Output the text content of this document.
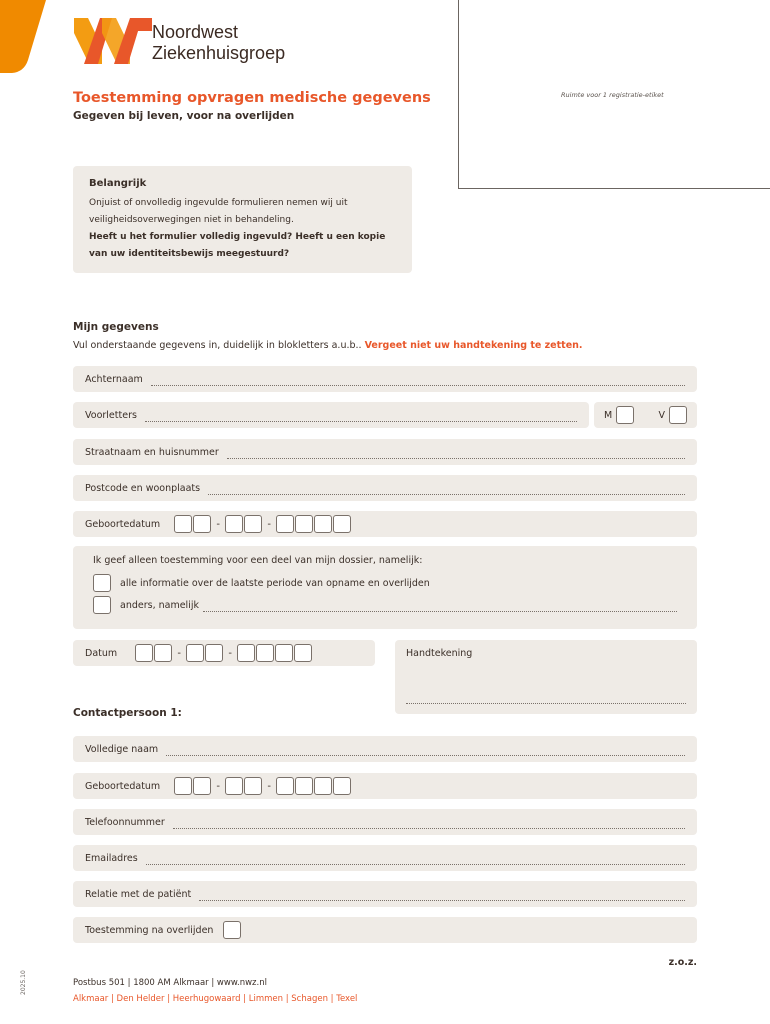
Noordwest
Ziekenhuisgroep
Ruimte voor 1 registratie-etiket
Toestemming opvragen medische gegevens
Gegeven bij leven, voor na overlijden
Belangrijk
Onjuist of onvolledig ingevulde formulieren nemen wij uit
veiligheidsoverwegingen niet in behandeling.
Heeft u het formulier volledig ingevuld? Heeft u een kopie
van uw identiteitsbewijs meegestuurd?
Mijn gegevens
Vul onderstaande gegevens in, duidelijk in blokletters a.u.b.. Vergeet niet uw handtekening te zetten.
Achternaam
Voorletters	M	V
Straatnaam en huisnummer
Postcode en woonplaats
Geboortedatum	-	-
Ik geef alleen toestemming voor een deel van mijn dossier, namelijk:
alle informatie over de laatste periode van opname en overlijden
anders, namelijk
Datum	-	-	Handtekening
Contactpersoon 1:
Volledige naam
Geboortedatum	-	-
Telefoonnummer
Emailadres
Relatie met de patiënt
Toestemming na overlijden
z.o.z.
2025.10	Postbus 501 | 1800 AM Alkmaar | www.nwz.nl
Alkmaar | Den Helder | Heerhugowaard | Limmen | Schagen | Texel
